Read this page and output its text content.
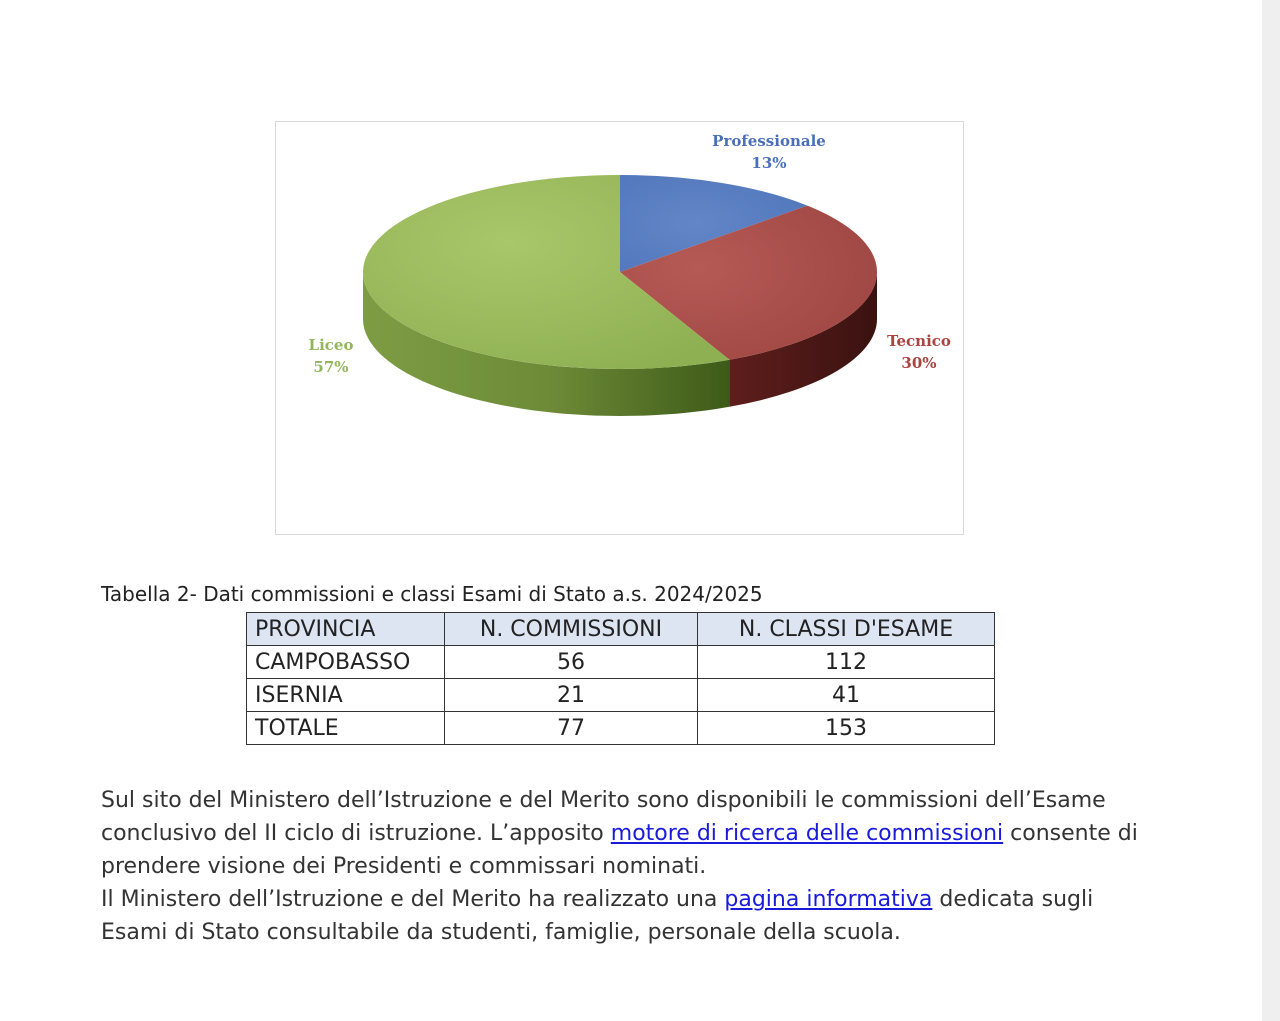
Professionale
13%
Tecnico
30%
Liceo
57%
Tabella 2- Dati commissioni e classi Esami di Stato a.s. 2024/2025
PROVINCIA	N. COMMISSIONI	N. CLASSI D'ESAME
CAMPOBASSO	56	112
ISERNIA	21	41
TOTALE	77	153

Sul sito del Ministero dell’Istruzione e del Merito sono disponibili le commissioni dell’Esame conclusivo del II ciclo di istruzione. L’apposito motore di ricerca delle commissioni consente di prendere visione dei Presidenti e commissari nominati.

Il Ministero dell’Istruzione e del Merito ha realizzato una pagina informativa dedicata sugli Esami di Stato consultabile da studenti, famiglie, personale della scuola.
